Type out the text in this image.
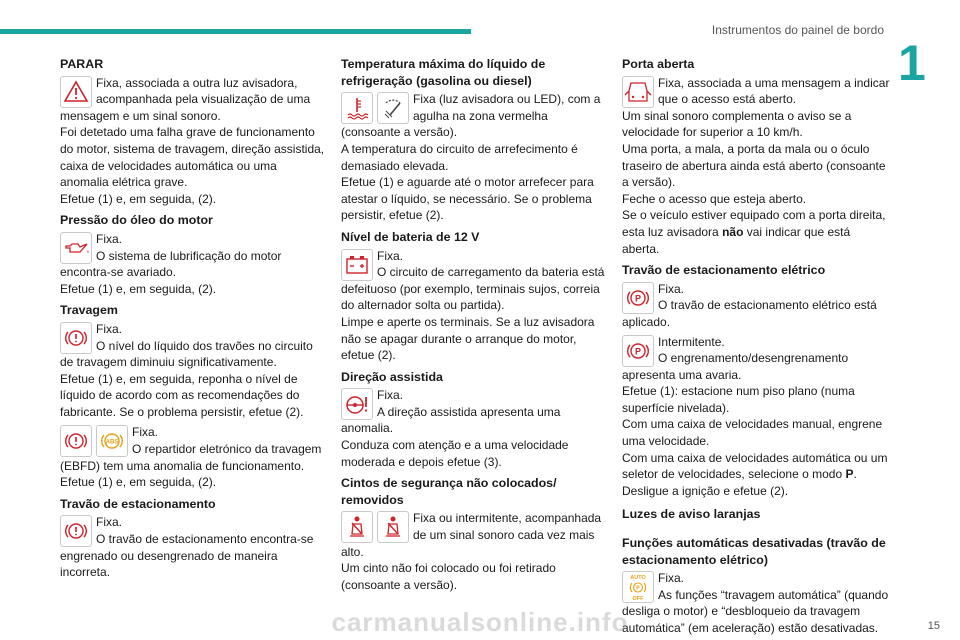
Instrumentos do painel de bordo
1
PARAR

Fixa, associada a outra luz avisadora, acompanhada pela visualização de uma mensagem e um sinal sonoro.

Foi detetado uma falha grave de funcionamento do motor, sistema de travagem, direção assistida, caixa de velocidades automática ou uma anomalia elétrica grave.

Efetue (1) e, em seguida, (2).

Pressão do óleo do motor

Fixa.

O sistema de lubrificação do motor encontra-se avariado.

Efetue (1) e, em seguida, (2).

Travagem

Fixa.

O nível do líquido dos travões no circuito de travagem diminuiu significativamente.

Efetue (1) e, em seguida, reponha o nível de líquido de acordo com as recomendações do fabricante. Se o problema persistir, efetue (2).

ABS

Fixa.

O repartidor eletrónico da travagem (EBFD) tem uma anomalia de funcionamento.

Efetue (1) e, em seguida, (2).

Travão de estacionamento

Fixa.

O travão de estacionamento encontra-se engrenado ou desengrenado de maneira incorreta.

Temperatura máxima do líquido de refrigeração (gasolina ou diesel)

Fixa (luz avisadora ou LED), com a agulha na zona vermelha (consoante a versão).

A temperatura do circuito de arrefecimento é demasiado elevada.

Efetue (1) e aguarde até o motor arrefecer para atestar o líquido, se necessário. Se o problema persistir, efetue (2).

Nível de bateria de 12 V

Fixa.

O circuito de carregamento da bateria está defeituoso (por exemplo, terminais sujos, correia do alternador solta ou partida).

Limpe e aperte os terminais. Se a luz avisadora não se apagar durante o arranque do motor, efetue (2).

Direção assistida

Fixa.

A direção assistida apresenta uma anomalia.

Conduza com atenção e a uma velocidade moderada e depois efetue (3).

Cintos de segurança não colocados/ removidos

Fixa ou intermitente, acompanhada de um sinal sonoro cada vez mais alto.

Um cinto não foi colocado ou foi retirado (consoante a versão).

Porta aberta

Fixa, associada a uma mensagem a indicar que o acesso está aberto.

Um sinal sonoro complementa o aviso se a velocidade for superior a 10 km/h.

Uma porta, a mala, a porta da mala ou o óculo traseiro de abertura ainda está aberto (consoante a versão).

Feche o acesso que esteja aberto.

Se o veículo estiver equipado com a porta direita, esta luz avisadora não vai indicar que está aberta.

Travão de estacionamento elétrico
P

Fixa.

O travão de estacionamento elétrico está aplicado.

P

Intermitente.

O engrenamento/desengrenamento apresenta uma avaria.

Efetue (1): estacione num piso plano (numa superfície nivelada).

Com uma caixa de velocidades manual, engrene uma velocidade.

Com uma caixa de velocidades automática ou um seletor de velocidades, selecione o modo P.

Desligue a ignição e efetue (2).

Luzes de aviso laranjas
Funções automáticas desativadas (travão de estacionamento elétrico)
AUTO
P
OFF

Fixa.

As funções “travagem automática” (quando desliga o motor) e “desbloqueio da travagem automática” (em aceleração) estão desativadas.

carmanualsonline.info	15
